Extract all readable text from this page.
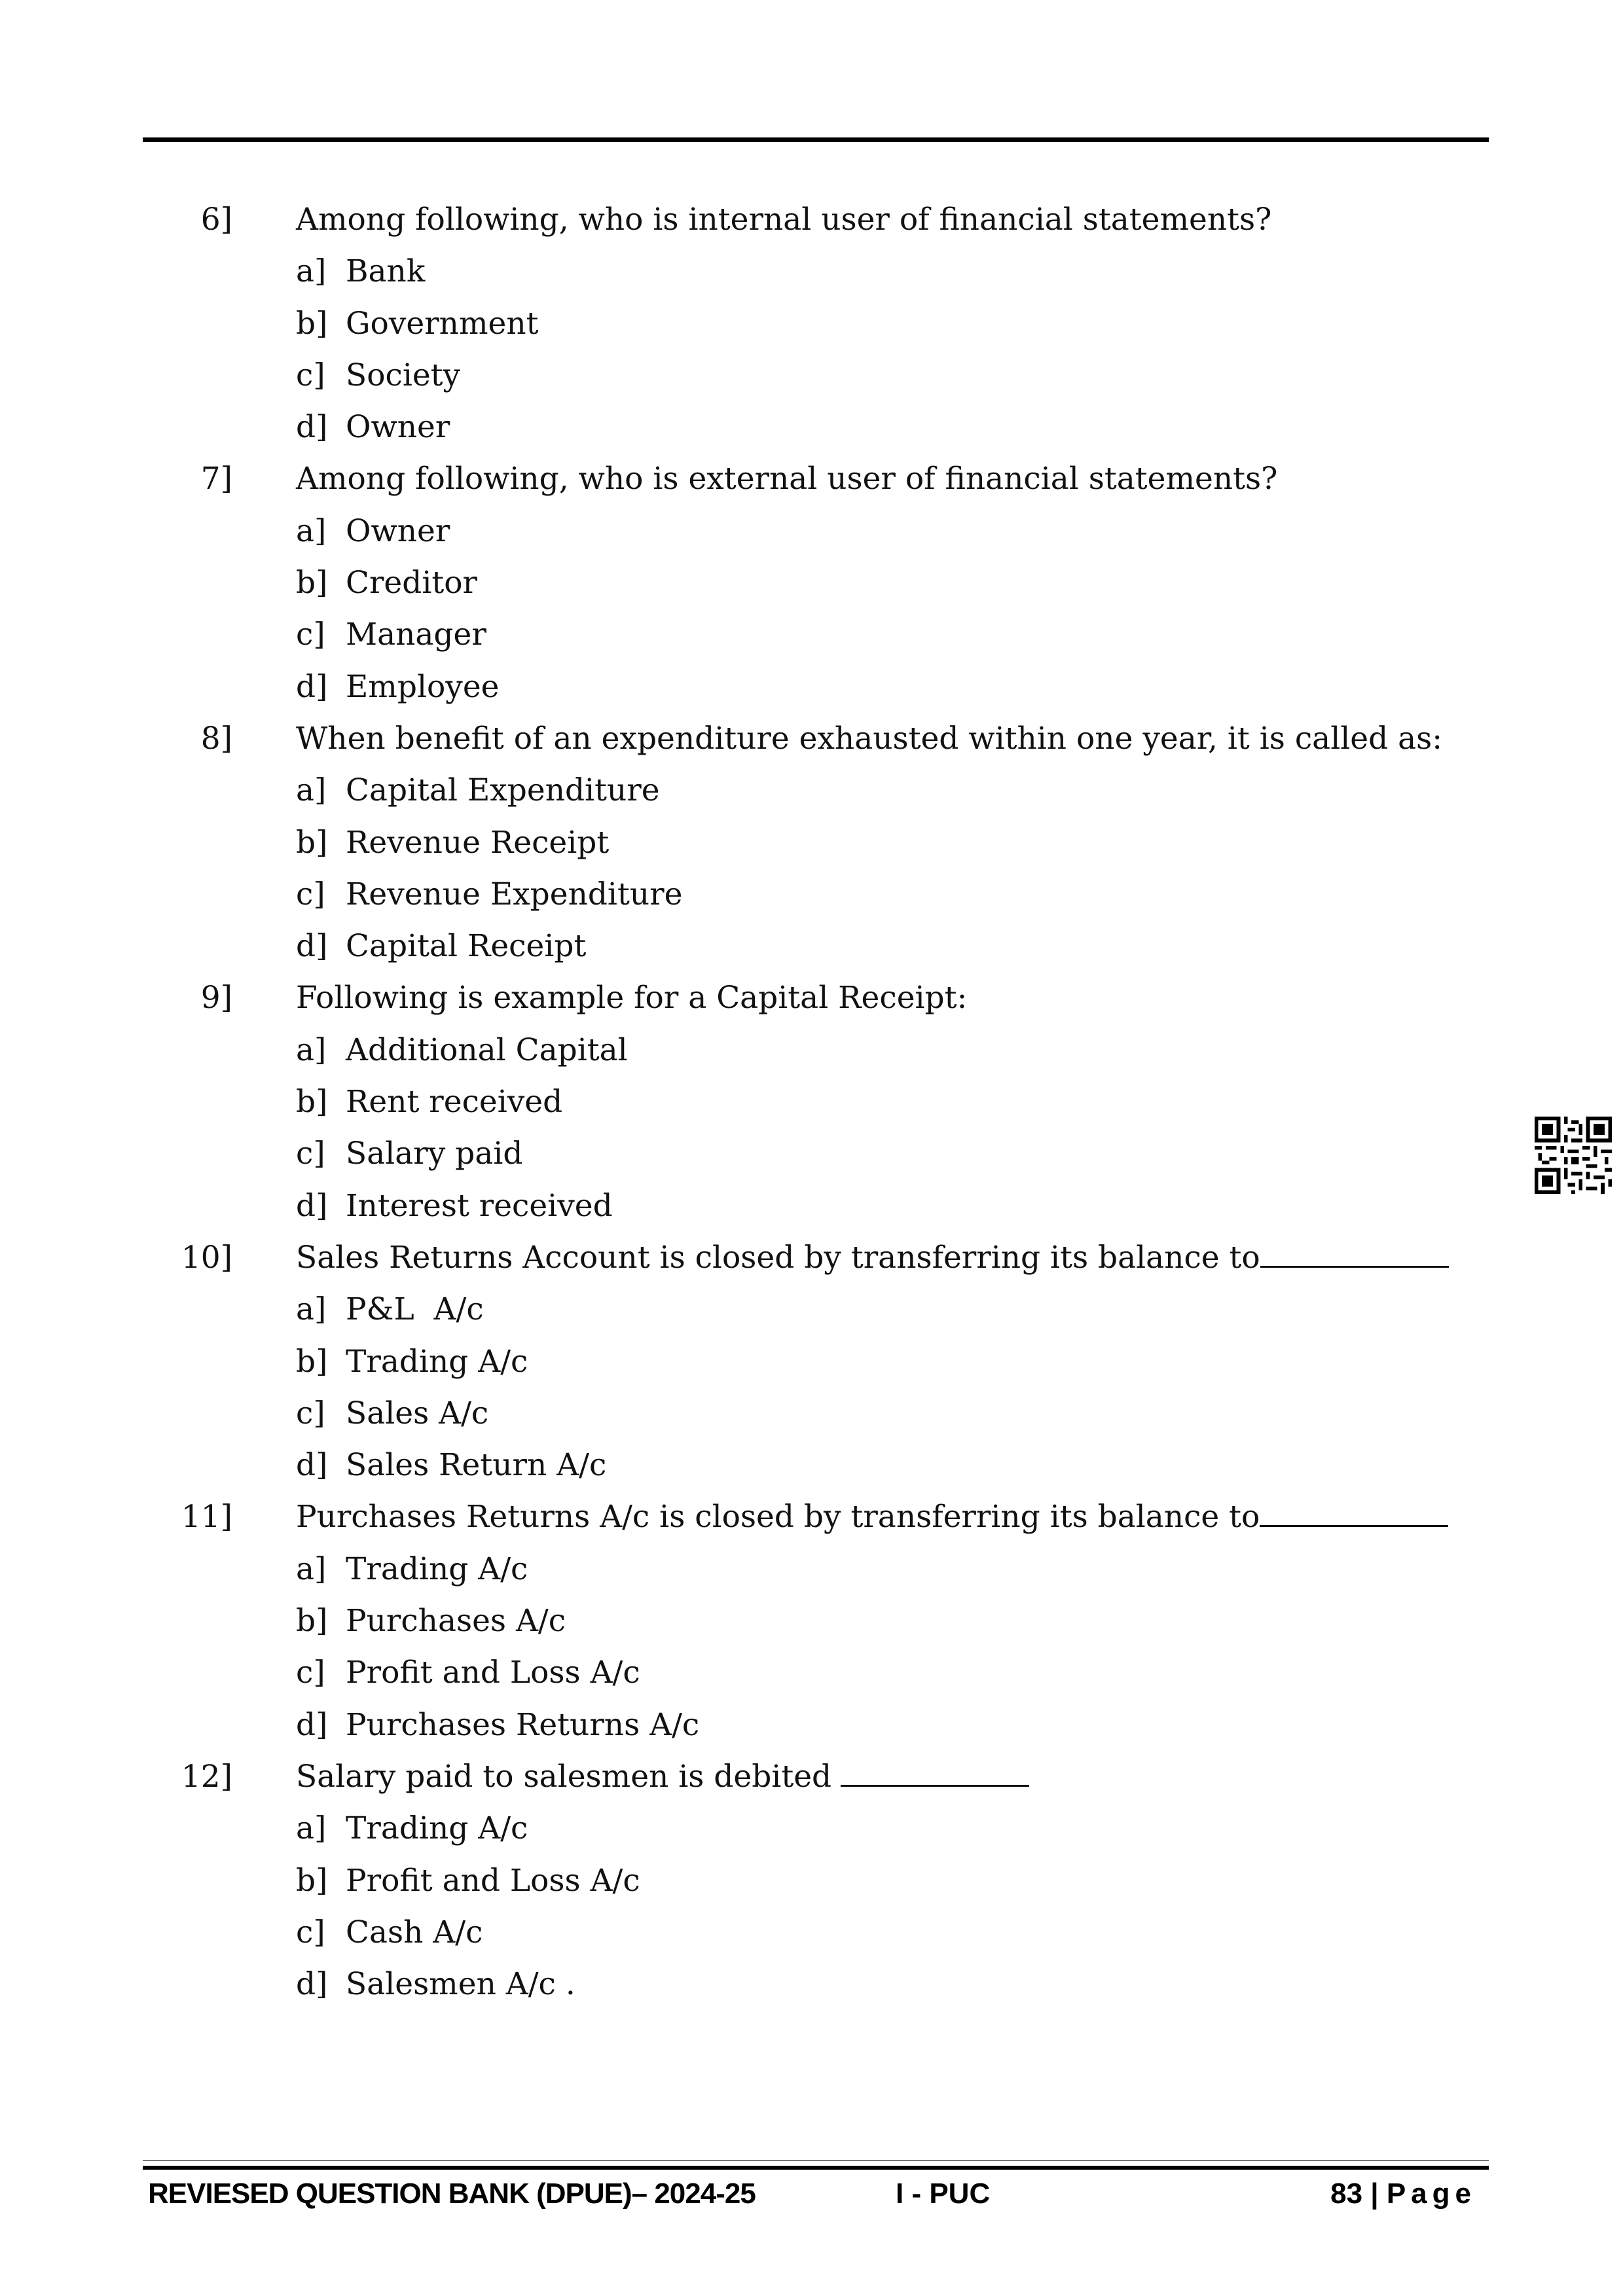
6] Among following, who is internal user of financial statements?
a] Bank
b] Government
c] Society
d] Owner
7] Among following, who is external user of financial statements?
a] Owner
b] Creditor
c] Manager
d] Employee
8] When benefit of an expenditure exhausted within one year, it is called as:
a] Capital Expenditure
b] Revenue Receipt
c] Revenue Expenditure
d] Capital Receipt
9] Following is example for a Capital Receipt:
a] Additional Capital
b] Rent received
c] Salary paid
d] Interest received
10] Sales Returns Account is closed by transferring its balance to
a] P&L  A/c
b] Trading A/c
c] Sales A/c
d] Sales Return A/c
11] Purchases Returns A/c is closed by transferring its balance to
a] Trading A/c
b] Purchases A/c
c] Profit and Loss A/c
d] Purchases Returns A/c
12] Salary paid to salesmen is debited
a] Trading A/c
b] Profit and Loss A/c
c] Cash A/c
d] Salesmen A/c .
REVIESED QUESTION BANK (DPUE)– 2024-25	I - PUC	83 | Page
